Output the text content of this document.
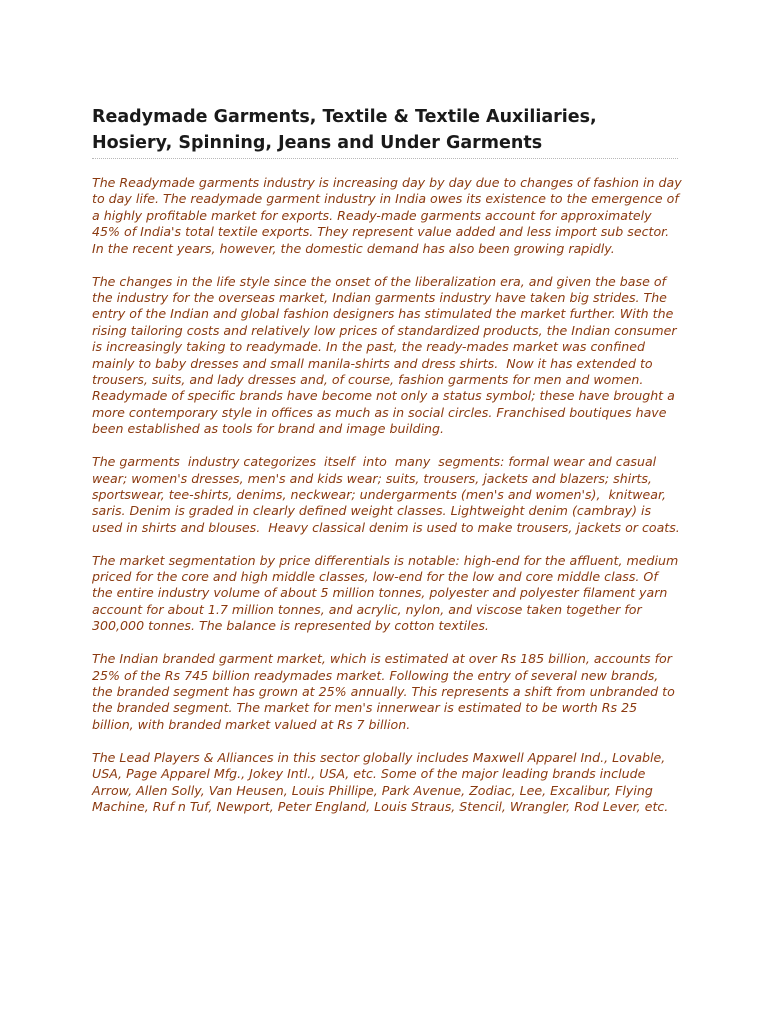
Readymade Garments, Textile & Textile Auxiliaries, Hosiery, Spinning, Jeans and Under Garments

The Readymade garments industry is increasing day by day due to changes of fashion in day to day life. The readymade garment industry in India owes its existence to the emergence of a highly profitable market for exports. Ready-made garments account for approximately 45% of India's total textile exports. They represent value added and less import sub sector. In the recent years, however, the domestic demand has also been growing rapidly.

The changes in the life style since the onset of the liberalization era, and given the base of the industry for the overseas market, Indian garments industry have taken big strides. The entry of the Indian and global fashion designers has stimulated the market further. With the rising tailoring costs and relatively low prices of standardized products, the Indian consumer is increasingly taking to readymade. In the past, the ready-mades market was confined mainly to baby dresses and small manila-shirts and dress shirts.  Now it has extended to trousers, suits, and lady dresses and, of course, fashion garments for men and women.  Readymade of specific brands have become not only a status symbol; these have brought a more contemporary style in offices as much as in social circles. Franchised boutiques have been established as tools for brand and image building.

The garments  industry categorizes  itself  into  many  segments: formal wear and casual wear; women's dresses, men's and kids wear; suits, trousers, jackets and blazers; shirts, sportswear, tee-shirts, denims, neckwear; undergarments (men's and women's),  knitwear, saris. Denim is graded in clearly defined weight classes. Lightweight denim (cambray) is used in shirts and blouses.  Heavy classical denim is used to make trousers, jackets or coats.

The market segmentation by price differentials is notable: high-end for the affluent, medium priced for the core and high middle classes, low-end for the low and core middle class. Of the entire industry volume of about 5 million tonnes, polyester and polyester filament yarn account for about 1.7 million tonnes, and acrylic, nylon, and viscose taken together for 300,000 tonnes. The balance is represented by cotton textiles.

The Indian branded garment market, which is estimated at over Rs 185 billion, accounts for 25% of the Rs 745 billion readymades market. Following the entry of several new brands, the branded segment has grown at 25% annually. This represents a shift from unbranded to the branded segment. The market for men's innerwear is estimated to be worth Rs 25 billion, with branded market valued at Rs 7 billion.

The Lead Players & Alliances in this sector globally includes Maxwell Apparel Ind., Lovable, USA, Page Apparel Mfg., Jokey Intl., USA, etc. Some of the major leading brands include Arrow, Allen Solly, Van Heusen, Louis Phillipe, Park Avenue, Zodiac, Lee, Excalibur, Flying Machine, Ruf n Tuf, Newport, Peter England, Louis Straus, Stencil, Wrangler, Rod Lever, etc.
